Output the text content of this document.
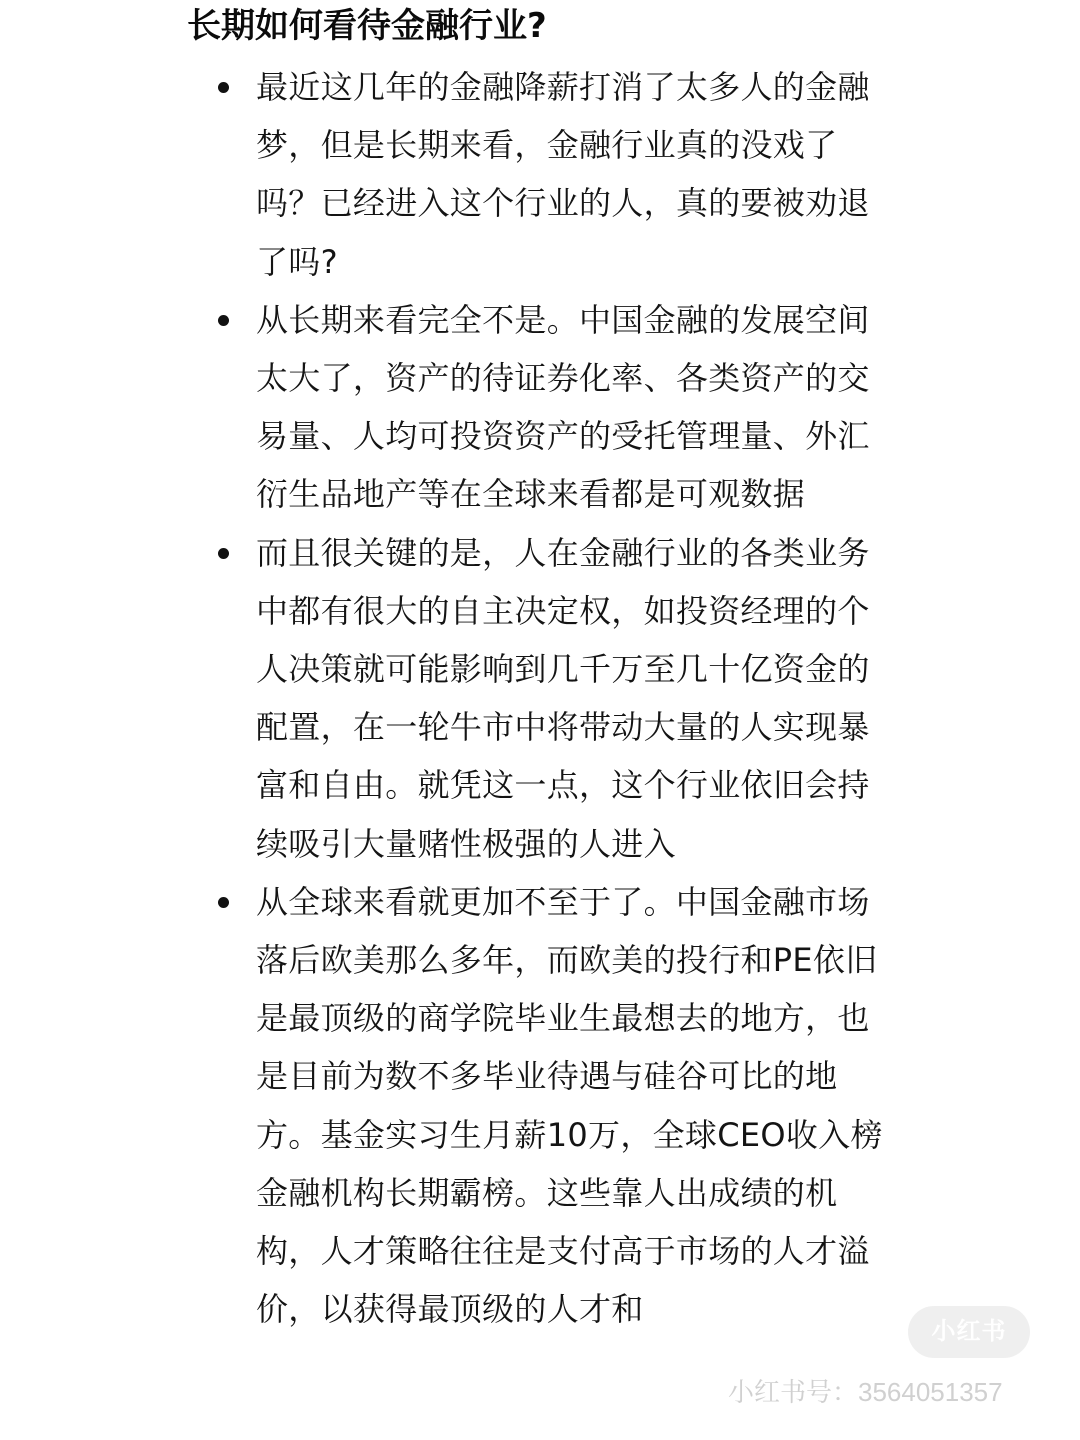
长期如何看待金融行业?
最近这几年的金融降薪打消了太多人的金融梦，但是长期来看，金融行业真的没戏了吗？已经进入这个行业的人，真的要被劝退了吗?
从长期来看完全不是。中国金融的发展空间太大了，资产的待证券化率、各类资产的交易量、人均可投资资产的受托管理量、外汇衍生品地产等在全球来看都是可观数据
而且很关键的是，人在金融行业的各类业务中都有很大的自主决定权，如投资经理的个人决策就可能影响到几千万至几十亿资金的配置，在一轮牛市中将带动大量的人实现暴富和自由。就凭这一点，这个行业依旧会持续吸引大量赌性极强的人进入
从全球来看就更加不至于了。中国金融市场落后欧美那么多年，而欧美的投行和PE依旧是最顶级的商学院毕业生最想去的地方，也是目前为数不多毕业待遇与硅谷可比的地方。基金实习生月薪10万，全球CEO收入榜金融机构长期霸榜。这些靠人出成绩的机构，人才策略往往是支付高于市场的人才溢价，以获得最顶级的人才和
小红书
小红书号：3564051357
